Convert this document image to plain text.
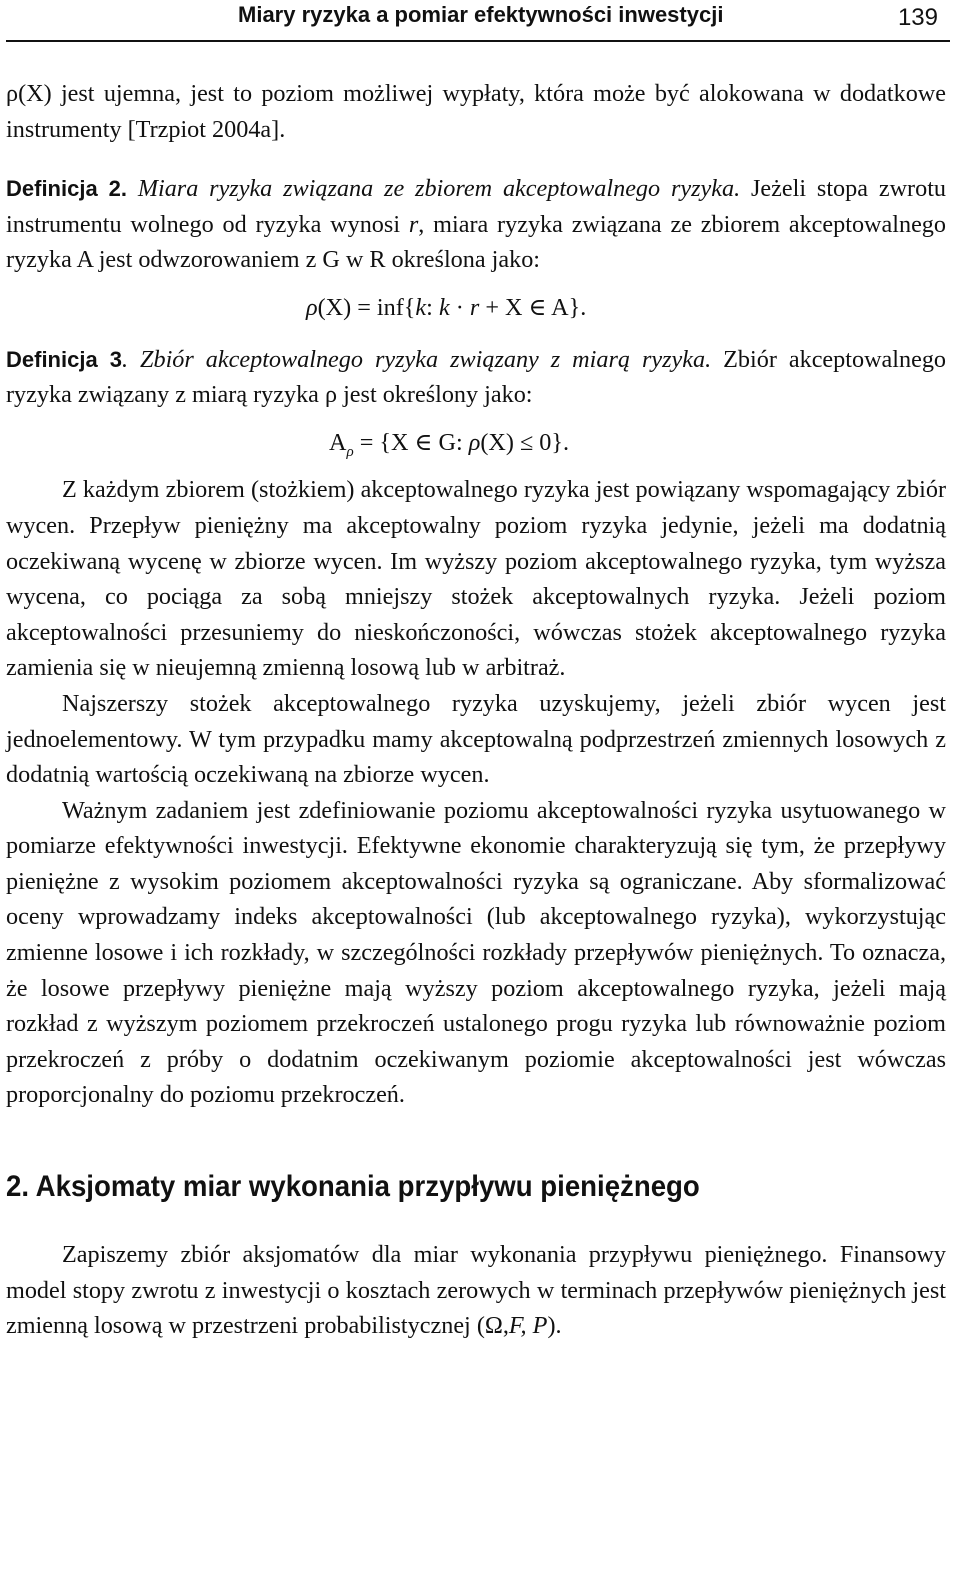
Miary ryzyka a pomiar efektywności inwestycji	139

ρ(X) jest ujemna, jest to poziom możliwej wypłaty, która może być alokowana w dodatkowe instrumenty [Trzpiot 2004a].

Definicja 2. Miara ryzyka związana ze zbiorem akceptowalnego ryzyka. Jeżeli stopa zwrotu instrumentu wolnego od ryzyka wynosi r, miara ryzyka związana ze zbiorem akceptowalnego ryzyka A jest odwzorowaniem z G w R określona jako:

ρ(X) = inf{k: k · r + X ∈ A}.

Definicja 3. Zbiór akceptowalnego ryzyka związany z miarą ryzyka. Zbiór akceptowalnego ryzyka związany z miarą ryzyka ρ jest określony jako:

$A_\rho = \{X$ ∈ G: ρ(X) ≤ 0}.

Z każdym zbiorem (stożkiem) akceptowalnego ryzyka jest powiązany wspomagający zbiór wycen. Przepływ pieniężny ma akceptowalny poziom ryzyka jedynie, jeżeli ma dodatnią oczekiwaną wycenę w zbiorze wycen. Im wyższy poziom akceptowalnego ryzyka, tym wyższa wycena, co pociąga za sobą mniejszy stożek akceptowalnych ryzyka. Jeżeli poziom akceptowalności przesuniemy do nieskończoności, wówczas stożek akceptowalnego ryzyka zamienia się w nieujemną zmienną losową lub w arbitraż.

Najszerszy stożek akceptowalnego ryzyka uzyskujemy, jeżeli zbiór wycen jest jednoelementowy. W tym przypadku mamy akceptowalną podprzestrzeń zmiennych losowych z dodatnią wartością oczekiwaną na zbiorze wycen.

Ważnym zadaniem jest zdefiniowanie poziomu akceptowalności ryzyka usytuowanego w pomiarze efektywności inwestycji. Efektywne ekonomie charakteryzują się tym, że przepływy pieniężne z wysokim poziomem akceptowalności ryzyka są ograniczane. Aby sformalizować oceny wprowadzamy indeks akceptowalności (lub akceptowalnego ryzyka), wykorzystując zmienne losowe i ich rozkłady, w szczególności rozkłady przepływów pieniężnych. To oznacza, że losowe przepływy pieniężne mają wyższy poziom akceptowalnego ryzyka, jeżeli mają rozkład z wyższym poziomem przekroczeń ustalonego progu ryzyka lub równoważnie poziom przekroczeń z próby o dodatnim oczekiwanym poziomie akceptowalności jest wówczas proporcjonalny do poziomu przekroczeń.

2. Aksjomaty miar wykonania przypływu pieniężnego

Zapiszemy zbiór aksjomatów dla miar wykonania przypływu pieniężnego. Finansowy model stopy zwrotu z inwestycji o kosztach zerowych w terminach przepływów pieniężnych jest zmienną losową w przestrzeni probabilistycznej (Ω,F, P).
